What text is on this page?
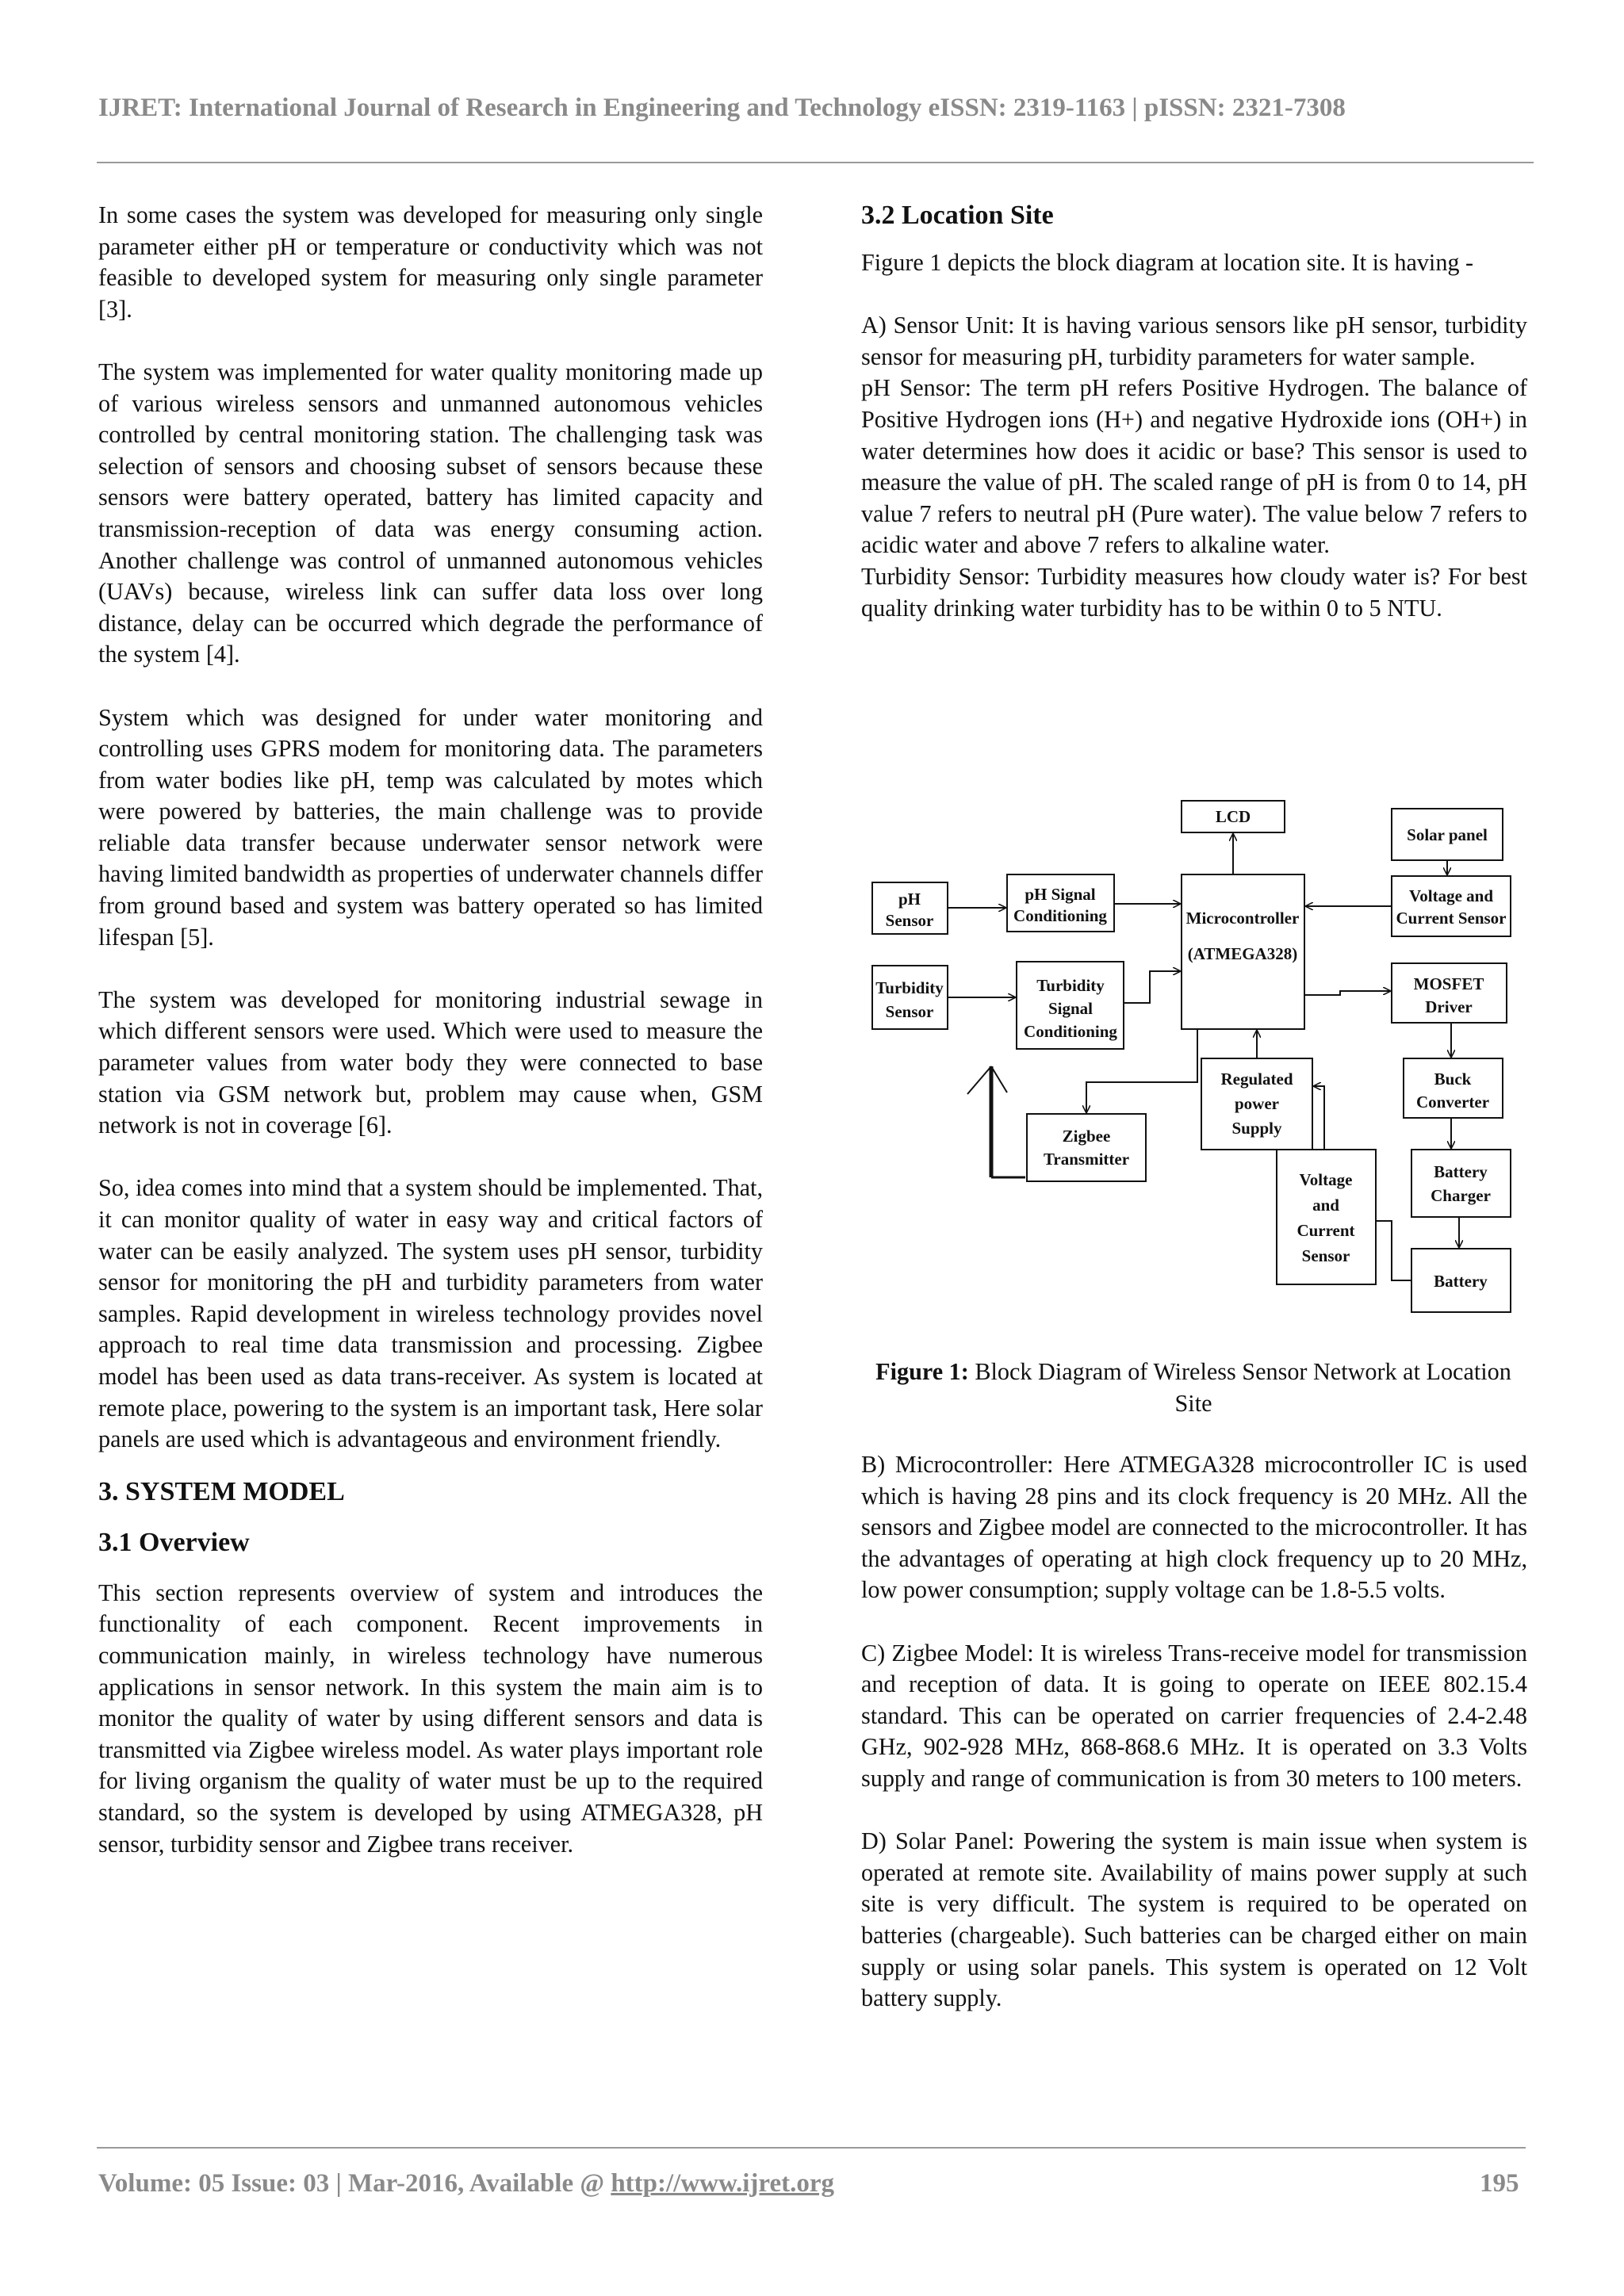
IJRET: International Journal of Research in Engineering and Technology eISSN: 2319-1163 | pISSN: 2321-7308

In some cases the system was developed for measuring only single parameter either pH or temperature or conductivity which was not feasible to developed system for measuring only single parameter [3].

The system was implemented for water quality monitoring made up of various wireless sensors and unmanned autonomous vehicles controlled by central monitoring station. The challenging task was selection of sensors and choosing subset of sensors because these sensors were battery operated, battery has limited capacity and transmission-reception of data was energy consuming action. Another challenge was control of unmanned autonomous vehicles (UAVs) because, wireless link can suffer data loss over long distance, delay can be occurred which degrade the performance of the system [4].

System which was designed for under water monitoring and controlling uses GPRS modem for monitoring data. The parameters from water bodies like pH, temp was calculated by motes which were powered by batteries, the main challenge was to provide reliable data transfer because underwater sensor network were having limited bandwidth as properties of underwater channels differ from ground based and system was battery operated so has limited lifespan [5].

The system was developed for monitoring industrial sewage in which different sensors were used. Which were used to measure the parameter values from water body they were connected to base station via GSM network but, problem may cause when, GSM network is not in coverage [6].

So, idea comes into mind that a system should be implemented. That, it can monitor quality of water in easy way and critical factors of water can be easily analyzed. The system uses pH sensor, turbidity sensor for monitoring the pH and turbidity parameters from water samples. Rapid development in wireless technology provides novel approach to real time data transmission and processing. Zigbee model has been used as data trans-receiver. As system is located at remote place, powering to the system is an important task, Here solar panels are used which is advantageous and environment friendly.

3. SYSTEM MODEL
3.1 Overview

This section represents overview of system and introduces the functionality of each component. Recent improvements in communication mainly, in wireless technology have numerous applications in sensor network. In this system the main aim is to monitor the quality of water by using different sensors and data is transmitted via Zigbee wireless model. As water plays important role for living organism the quality of water must be up to the required standard, so the system is developed by using ATMEGA328, pH sensor, turbidity sensor and Zigbee trans receiver.

3.2 Location Site

Figure 1 depicts the block diagram at location site. It is having -

A) Sensor Unit: It is having various sensors like pH sensor, turbidity sensor for measuring pH, turbidity parameters for water sample.

pH Sensor: The term pH refers Positive Hydrogen. The balance of Positive Hydrogen ions (H+) and negative Hydroxide ions (OH+) in water determines how does it acidic or base? This sensor is used to measure the value of pH. The scaled range of pH is from 0 to 14, pH value 7 refers to neutral pH (Pure water). The value below 7 refers to acidic water and above 7 refers to alkaline water.

Turbidity Sensor: Turbidity measures how cloudy water is? For best quality drinking water turbidity has to be within 0 to 5 NTU.

LCD
Solar panel
pH
Sensor
pH Signal
Conditioning	Microcontroller
(ATMEGA328)
Voltage and
Current Sensor
Turbidity
Sensor
Turbidity
Signal
Conditioning
MOSFET
Driver
Regulated
power
Supply
Buck
Converter
Zigbee
Transmitter
Voltage
and
Current
Sensor
Battery
Charger
Battery
Figure 1: Block Diagram of Wireless Sensor Network at Location Site

B) Microcontroller: Here ATMEGA328 microcontroller IC is used which is having 28 pins and its clock frequency is 20 MHz. All the sensors and Zigbee model are connected to the microcontroller. It has the advantages of operating at high clock frequency up to 20 MHz, low power consumption; supply voltage can be 1.8-5.5 volts.

C) Zigbee Model: It is wireless Trans-receive model for transmission and reception of data. It is going to operate on IEEE 802.15.4 standard. This can be operated on carrier frequencies of 2.4-2.48 GHz, 902-928 MHz, 868-868.6 MHz. It is operated on 3.3 Volts supply and range of communication is from 30 meters to 100 meters.

D) Solar Panel: Powering the system is main issue when system is operated at remote site. Availability of mains power supply at such site is very difficult. The system is required to be operated on batteries (chargeable). Such batteries can be charged either on main supply or using solar panels. This system is operated on 12 Volt battery supply.

Volume: 05 Issue: 03 | Mar-2016, Available @ http://www.ijret.org	195
